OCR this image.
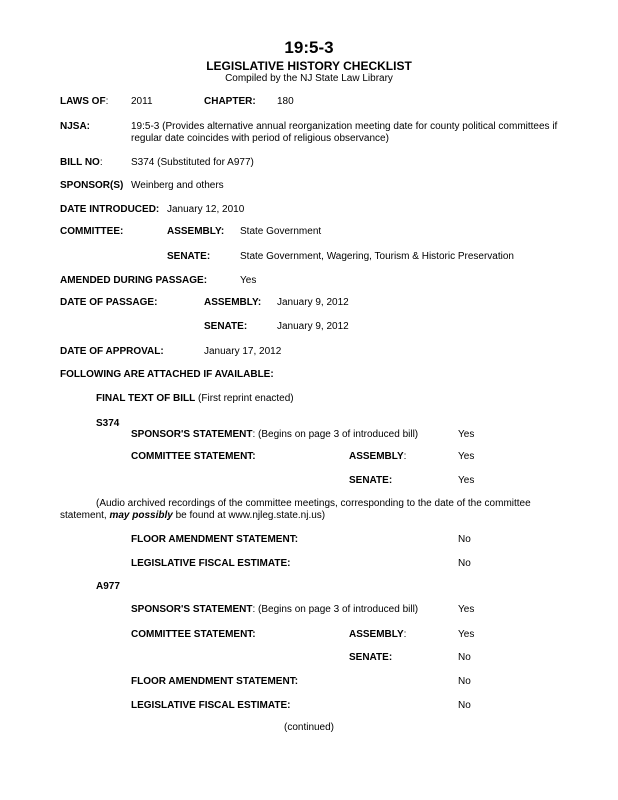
19:5-3
LEGISLATIVE HISTORY CHECKLIST
Compiled by the NJ State Law Library
LAWS OF: 2011	CHAPTER: 180
NJSA:	19:5-3 (Provides alternative annual reorganization meeting date for county political committees if regular date coincides with period of religious observance)
BILL NO:	S374 (Substituted for A977)
SPONSOR(S) Weinberg and others
DATE INTRODUCED: January 12, 2010
COMMITTEE:	ASSEMBLY: State Government
SENATE:	State Government, Wagering, Tourism & Historic Preservation
AMENDED DURING PASSAGE:	Yes
DATE OF PASSAGE:	ASSEMBLY: January 9, 2012
SENATE:	January 9, 2012
DATE OF APPROVAL:	January 17, 2012
FOLLOWING ARE ATTACHED IF AVAILABLE:
FINAL TEXT OF BILL (First reprint enacted)
S374
SPONSOR'S STATEMENT: (Begins on page 3 of introduced bill)	Yes
COMMITTEE STATEMENT:	ASSEMBLY:	Yes
SENATE:	Yes
(Audio archived recordings of the committee meetings, corresponding to the date of the committee statement, may possibly be found at www.njleg.state.nj.us)
FLOOR AMENDMENT STATEMENT:	No
LEGISLATIVE FISCAL ESTIMATE:	No
A977
SPONSOR'S STATEMENT: (Begins on page 3 of introduced bill)	Yes
COMMITTEE STATEMENT:	ASSEMBLY:	Yes
SENATE:	No
FLOOR AMENDMENT STATEMENT:	No
LEGISLATIVE FISCAL ESTIMATE:	No
(continued)
